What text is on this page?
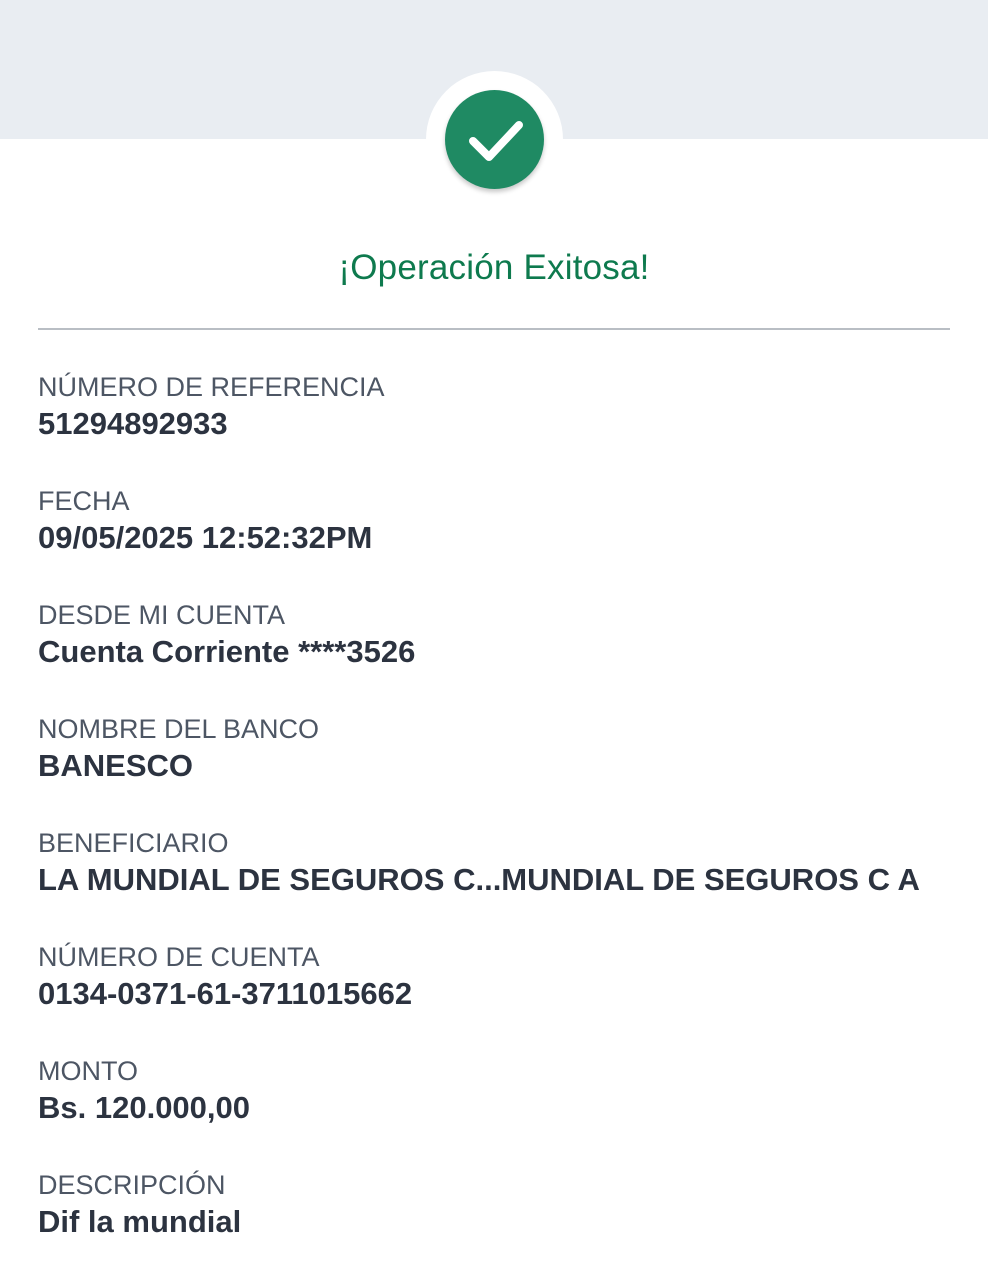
¡Operación Exitosa!
NÚMERO DE REFERENCIA
51294892933
FECHA
09/05/2025 12:52:32PM
DESDE MI CUENTA
Cuenta Corriente ****3526
NOMBRE DEL BANCO
BANESCO
BENEFICIARIO
LA MUNDIAL DE SEGUROS C...MUNDIAL DE SEGUROS C A
NÚMERO DE CUENTA
0134-0371-61-3711015662
MONTO
Bs. 120.000,00
DESCRIPCIÓN
Dif la mundial
